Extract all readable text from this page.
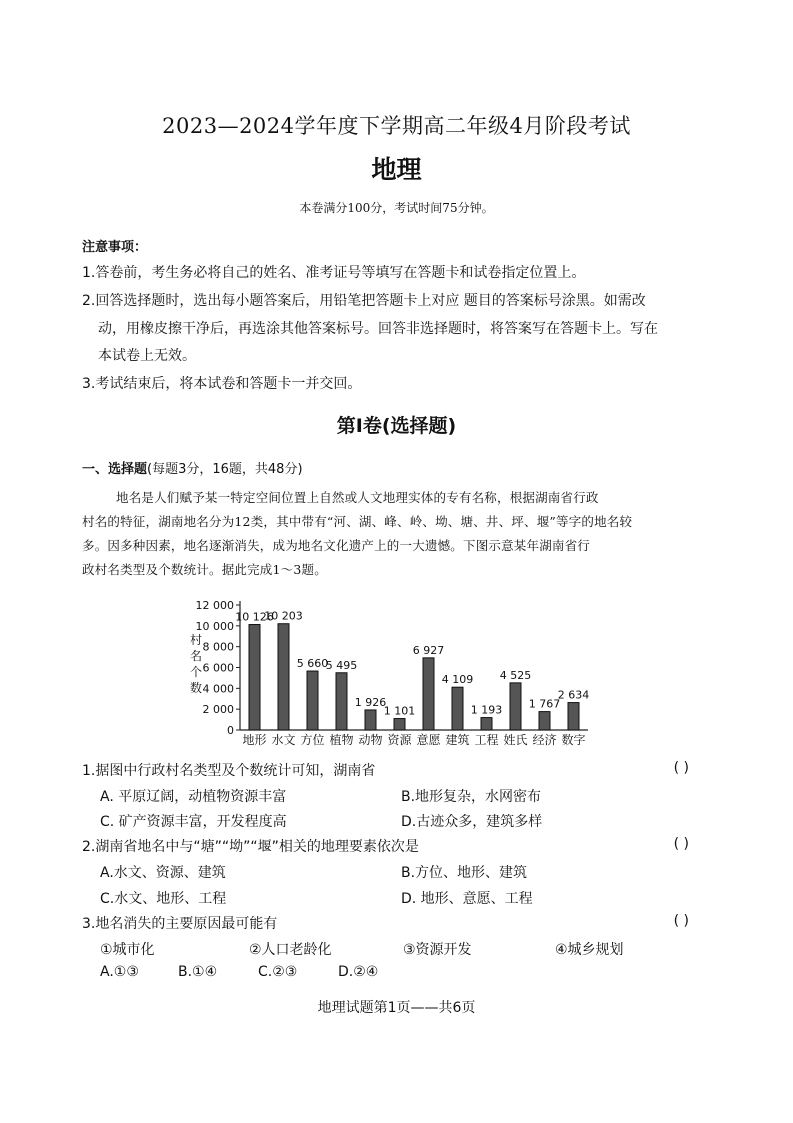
2023—2024学年度下学期高二年级4月阶段考试
地理
本卷满分100分，考试时间75分钟。
注意事项：
1.答卷前，考生务必将自己的姓名、准考证号等填写在答题卡和试卷指定位置上。
2.回答选择题时，选出每小题答案后，用铅笔把答题卡上对应 题目的答案标号涂黑。如需改
动，用橡皮擦干净后，再选涂其他答案标号。回答非选择题时，将答案写在答题卡上。写在
本试卷上无效。
3.考试结束后，将本试卷和答题卡一并交回。
第I卷(选择题)
一、选择题(每题3分，16题，共48分)
地名是人们赋予某一特定空间位置上自然或人文地理实体的专有名称，根据湖南省行政
村名的特征，湖南地名分为12类，其中带有“河、湖、峰、岭、坳、塘、井、坪、堰”等字的地名较
多。因多种因素，地名逐渐消失，成为地名文化遗产上的一大遗憾。下图示意某年湖南省行
政村名类型及个数统计。据此完成1～3题。
0
2 000
4 000
6 000
8 000
10 000
12 000
村
名
个
数
10 126
地形
10 203
水文
5 660
方位
5 495
植物
1 926
动物
1 101
资源
6 927
意愿
4 109
建筑
1 193
工程
4 525
姓氏
1 767
经济
2 634
数字
1.据图中行政村名类型及个数统计可知，湖南省	( )
A. 平原辽阔，动植物资源丰富	B.地形复杂，水网密布
C. 矿产资源丰富，开发程度高	D.古迹众多，建筑多样
2.湖南省地名中与“塘”“坳”“堰”相关的地理要素依次是	( )
A.水文、资源、建筑	B.方位、地形、建筑
C.水文、地形、工程	D. 地形、意愿、工程
3.地名消失的主要原因最可能有	( )
①城市化	②人口老龄化	③资源开发	④城乡规划
A.①③	B.①④	C.②③	D.②④
地理试题第1页——共6页
